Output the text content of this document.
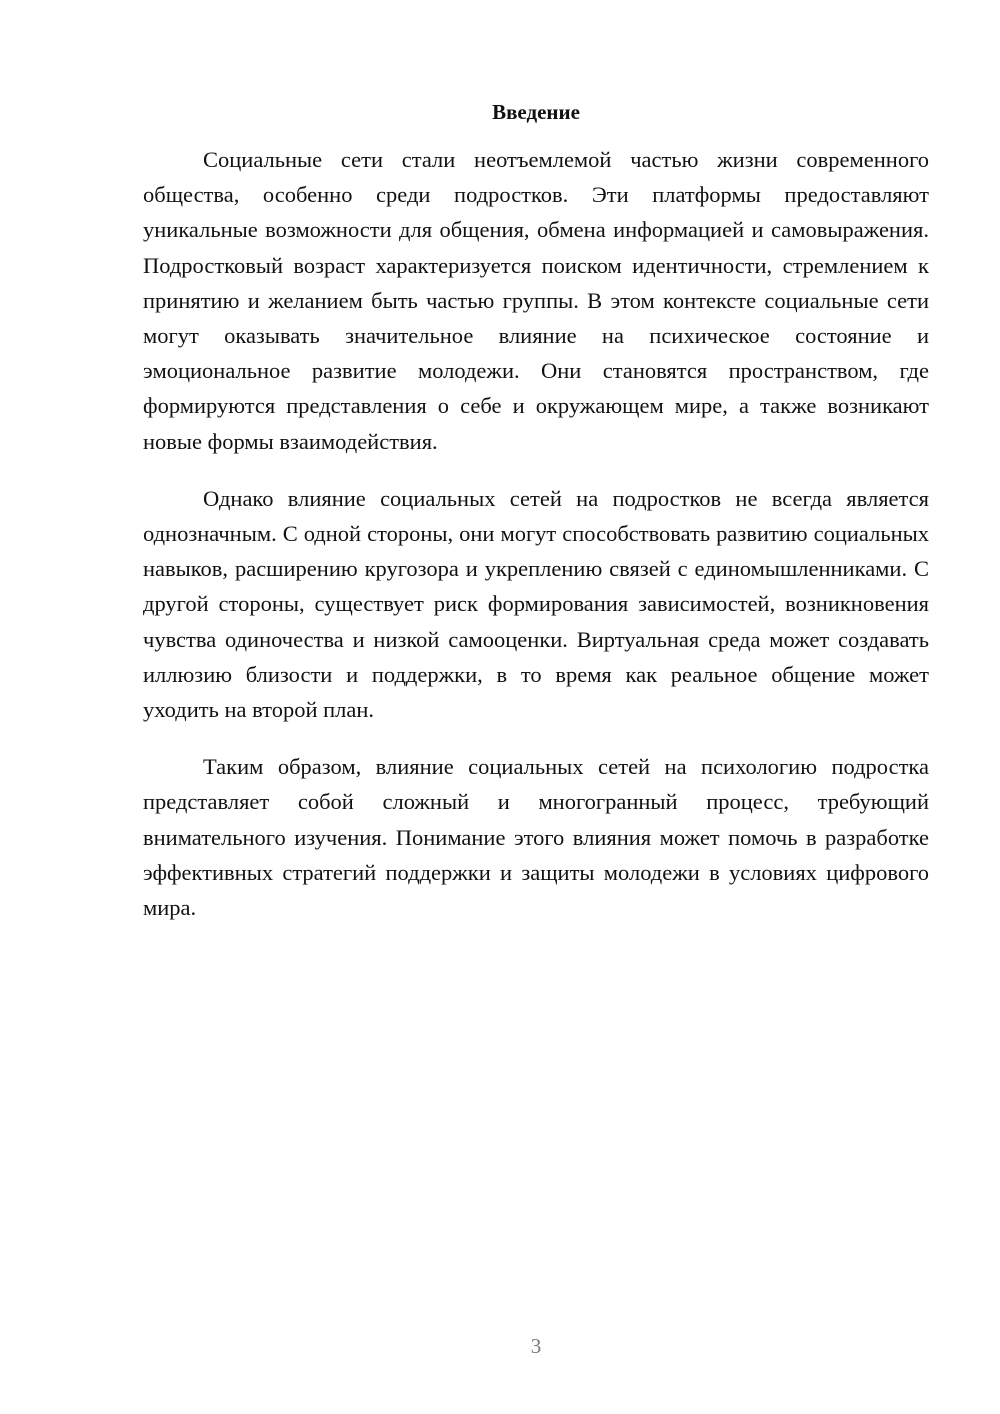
Введение

Социальные сети стали неотъемлемой частью жизни современного общества, особенно среди подростков. Эти платформы предоставляют уникальные возможности для общения, обмена информацией и самовыражения. Подростковый возраст характеризуется поиском идентичности, стремлением к принятию и желанием быть частью группы. В этом контексте социальные сети могут оказывать значительное влияние на психическое состояние и эмоциональное развитие молодежи. Они становятся пространством, где формируются представления о себе и окружающем мире, а также возникают новые формы взаимодействия.

Однако влияние социальных сетей на подростков не всегда является однозначным. С одной стороны, они могут способствовать развитию социальных навыков, расширению кругозора и укреплению связей с единомышленниками. С другой стороны, существует риск формирования зависимостей, возникновения чувства одиночества и низкой самооценки. Виртуальная среда может создавать иллюзию близости и поддержки, в то время как реальное общение может уходить на второй план.

Таким образом, влияние социальных сетей на психологию подростка представляет собой сложный и многогранный процесс, требующий внимательного изучения. Понимание этого влияния может помочь в разработке эффективных стратегий поддержки и защиты молодежи в условиях цифрового мира.

3
